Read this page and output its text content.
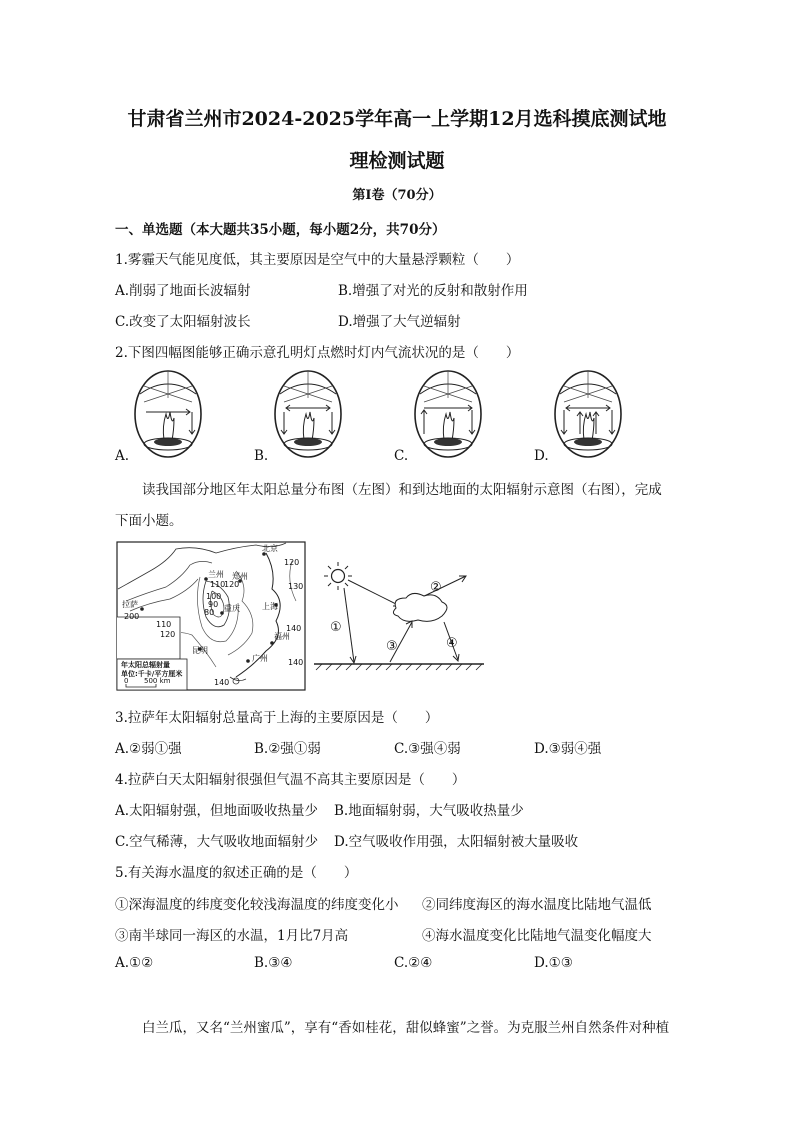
甘肃省兰州市2024-2025学年高一上学期12月选科摸底测试地
理检测试题
第Ⅰ卷（70分）
一、单选题（本大题共35小题，每小题2分，共70分）
1.雾霾天气能见度低，其主要原因是空气中的大量悬浮颗粒（　　）
A.削弱了地面长波辐射	B.增强了对光的反射和散射作用
C.改变了太阳辐射波长	D.增强了大气逆辐射
2.下图四幅图能够正确示意孔明灯点燃时灯内气流状况的是（　　）
A.	B.	C.	D.
读我国部分地区年太阳总量分布图（左图）和到达地面的太阳辐射示意图（右图），完成
下面小题。
北京
兰州 郑州
重庆	上海
福州
广州
拉萨
昆明
120
110
120
100
90
80
130
200
110
120
140
140
140
年太阳总辐射量
单位:千卡/平方厘米
0 500 km
①
②
③	④
3.拉萨年太阳辐射总量高于上海的主要原因是（　　）
A.②弱①强	B.②强①弱	C.③强④弱	D.③弱④强
4.拉萨白天太阳辐射很强但气温不高其主要原因是（　　）
A.太阳辐射强，但地面吸收热量少 B.地面辐射弱，大气吸收热量少
C.空气稀薄，大气吸收地面辐射少 D.空气吸收作用强，太阳辐射被大量吸收
5.有关海水温度的叙述正确的是（　　）
①深海温度的纬度变化较浅海温度的纬度变化小 ②同纬度海区的海水温度比陆地气温低
③南半球同一海区的水温，1月比7月高	④海水温度变化比陆地气温变化幅度大
A.①②	B.③④	C.②④	D.①③
白兰瓜，又名“兰州蜜瓜”，享有“香如桂花，甜似蜂蜜”之誉。为克服兰州自然条件对种植
